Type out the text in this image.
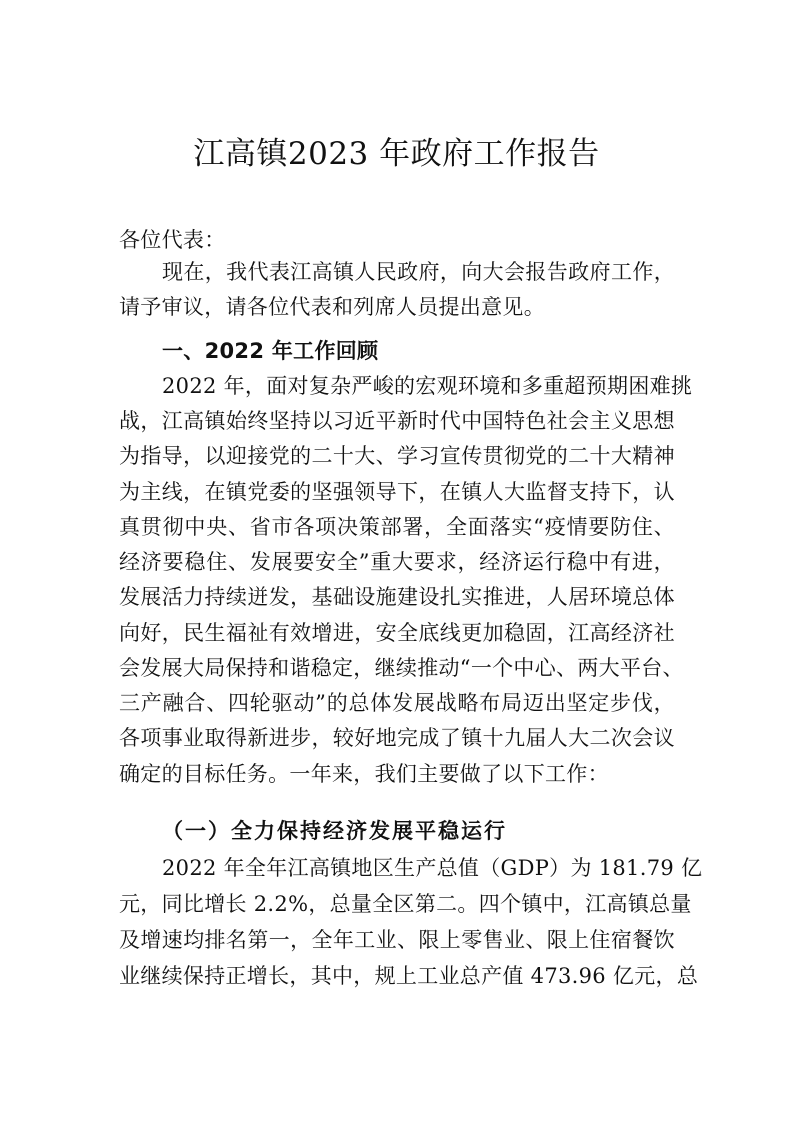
江高镇2023 年政府工作报告
各位代表：
现在，我代表江高镇人民政府，向大会报告政府工作，
请予审议，请各位代表和列席人员提出意见。
一、2022 年工作回顾
2022 年，面对复杂严峻的宏观环境和多重超预期困难挑
战，江高镇始终坚持以习近平新时代中国特色社会主义思想
为指导，以迎接党的二十大、学习宣传贯彻党的二十大精神
为主线，在镇党委的坚强领导下，在镇人大监督支持下，认
真贯彻中央、省市各项决策部署，全面落实“疫情要防住、
经济要稳住、发展要安全”重大要求，经济运行稳中有进，
发展活力持续迸发，基础设施建设扎实推进，人居环境总体
向好，民生福祉有效增进，安全底线更加稳固，江高经济社
会发展大局保持和谐稳定，继续推动“一个中心、两大平台、
三产融合、四轮驱动”的总体发展战略布局迈出坚定步伐，
各项事业取得新进步，较好地完成了镇十九届人大二次会议
确定的目标任务。一年来，我们主要做了以下工作：
（一）全力保持经济发展平稳运行
2022 年全年江高镇地区生产总值（GDP）为 181.79 亿
元，同比增长 2.2%，总量全区第二。四个镇中，江高镇总量
及增速均排名第一，全年工业、限上零售业、限上住宿餐饮
业继续保持正增长，其中，规上工业总产值 473.96 亿元，总
